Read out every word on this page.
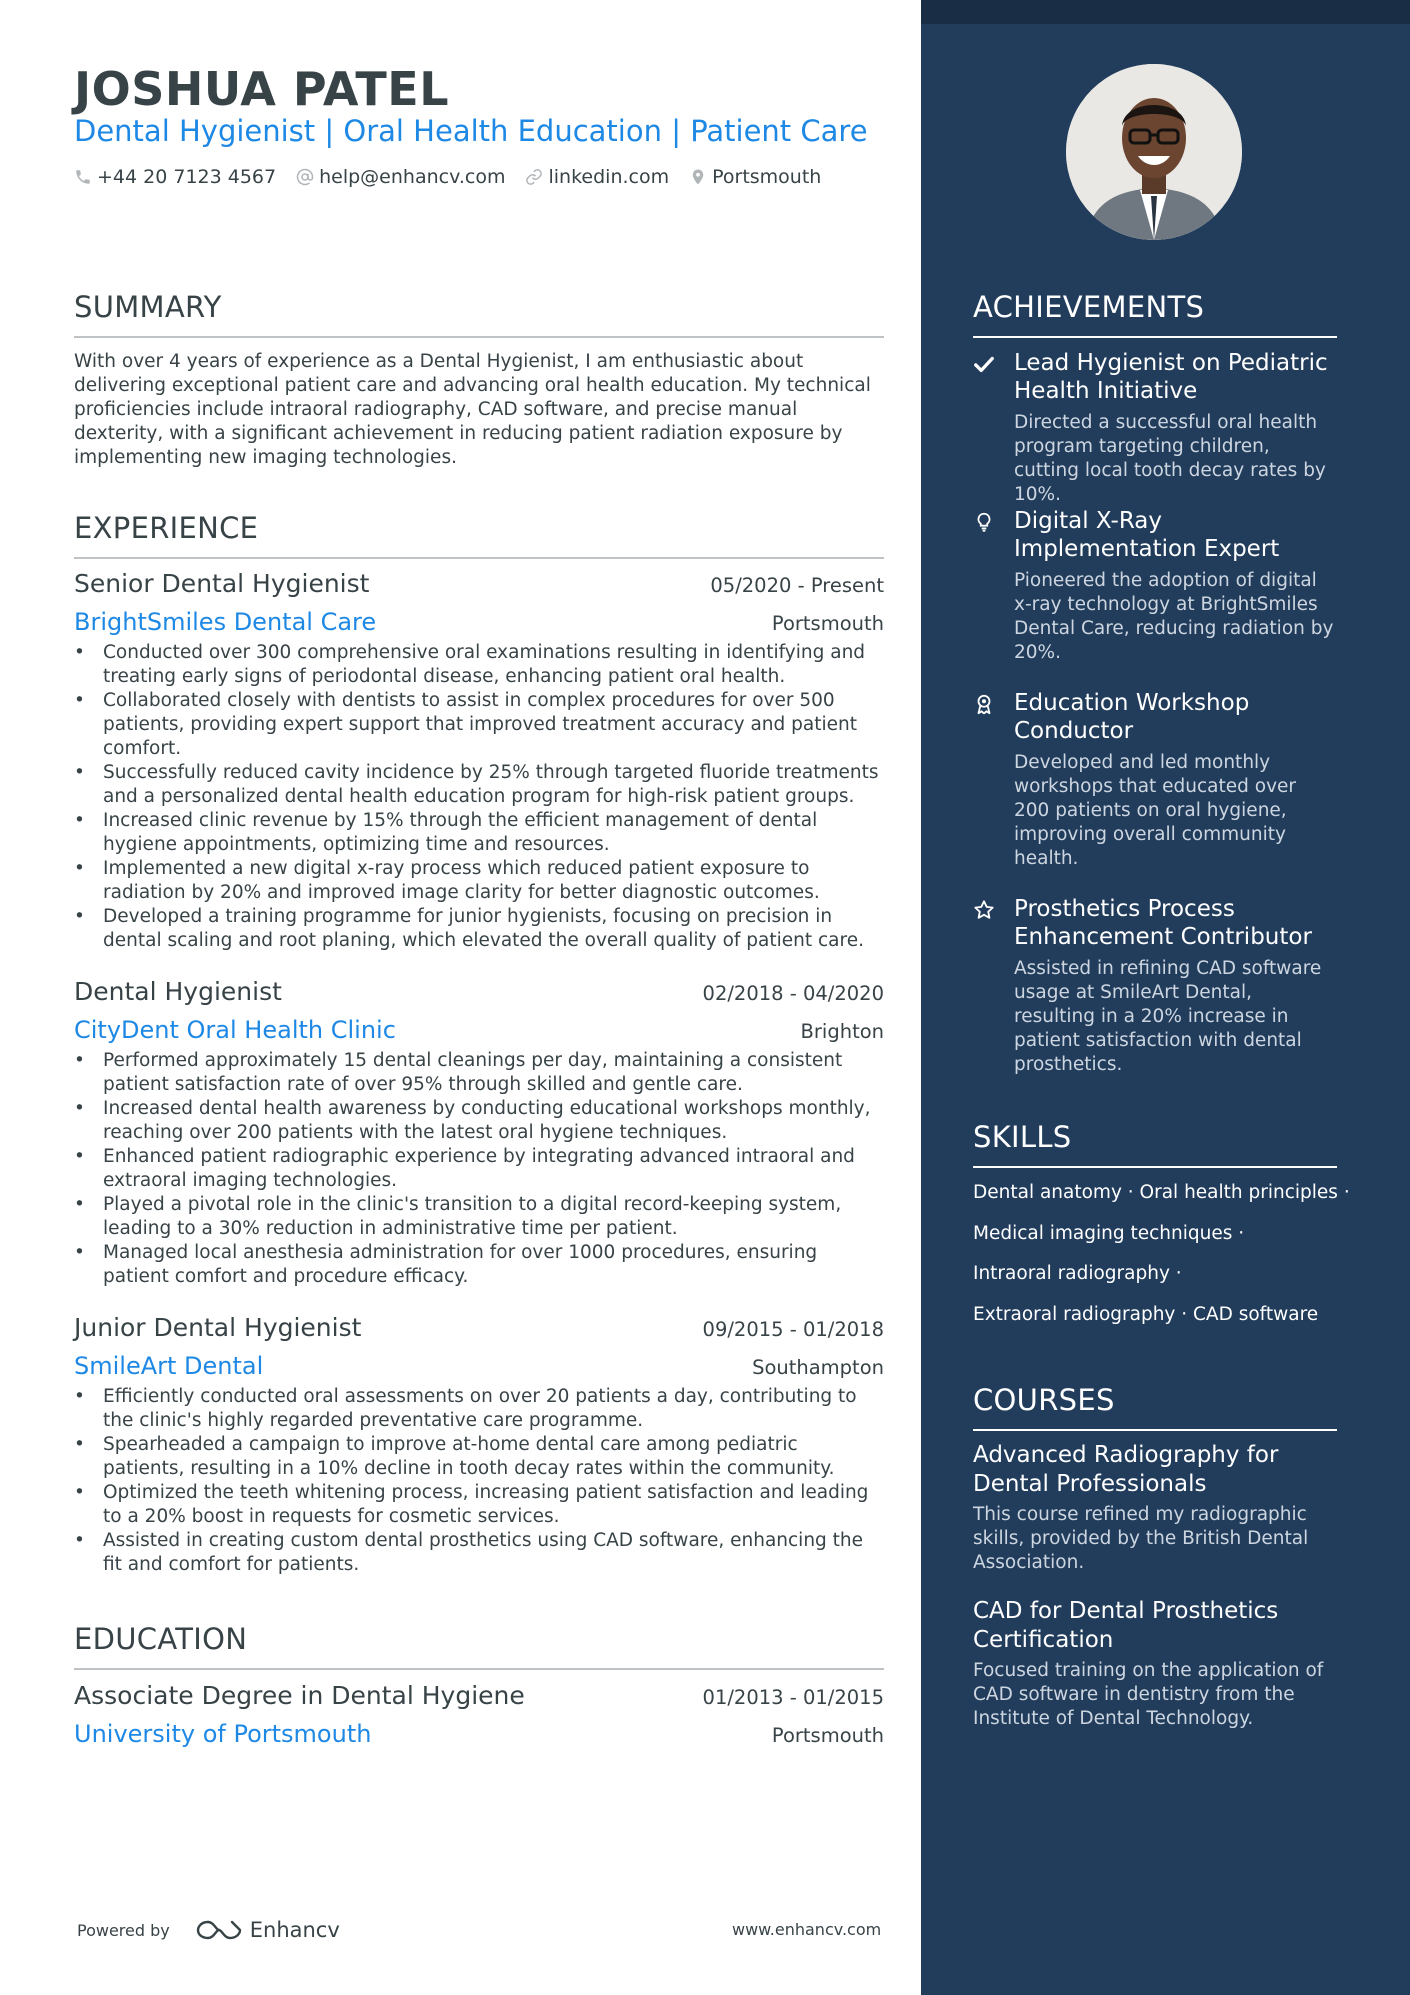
JOSHUA PATEL
Dental Hygienist | Oral Health Education | Patient Care
+44 20 7123 4567 help@enhancv.com linkedin.com Portsmouth
SUMMARY
With over 4 years of experience as a Dental Hygienist, I am enthusiastic about delivering exceptional patient care and advancing oral health education. My technical proficiencies include intraoral radiography, CAD software, and precise manual dexterity, with a significant achievement in reducing patient radiation exposure by implementing new imaging technologies.
EXPERIENCE
Senior Dental Hygienist	05/2020 - Present
BrightSmiles Dental Care	Portsmouth
• Conducted over 300 comprehensive oral examinations resulting in identifying and treating early signs of periodontal disease, enhancing patient oral health.
• Collaborated closely with dentists to assist in complex procedures for over 500 patients, providing expert support that improved treatment accuracy and patient comfort.
• Successfully reduced cavity incidence by 25% through targeted fluoride treatments and a personalized dental health education program for high-risk patient groups.
• Increased clinic revenue by 15% through the efficient management of dental hygiene appointments, optimizing time and resources.
• Implemented a new digital x-ray process which reduced patient exposure to radiation by 20% and improved image clarity for better diagnostic outcomes.
• Developed a training programme for junior hygienists, focusing on precision in dental scaling and root planing, which elevated the overall quality of patient care.
Dental Hygienist	02/2018 - 04/2020
CityDent Oral Health Clinic	Brighton
• Performed approximately 15 dental cleanings per day, maintaining a consistent patient satisfaction rate of over 95% through skilled and gentle care.
• Increased dental health awareness by conducting educational workshops monthly, reaching over 200 patients with the latest oral hygiene techniques.
• Enhanced patient radiographic experience by integrating advanced intraoral and extraoral imaging technologies.
• Played a pivotal role in the clinic's transition to a digital record-keeping system, leading to a 30% reduction in administrative time per patient.
• Managed local anesthesia administration for over 1000 procedures, ensuring patient comfort and procedure efficacy.
Junior Dental Hygienist	09/2015 - 01/2018
SmileArt Dental	Southampton
• Efficiently conducted oral assessments on over 20 patients a day, contributing to the clinic's highly regarded preventative care programme.
• Spearheaded a campaign to improve at-home dental care among pediatric patients, resulting in a 10% decline in tooth decay rates within the community.
• Optimized the teeth whitening process, increasing patient satisfaction and leading to a 20% boost in requests for cosmetic services.
• Assisted in creating custom dental prosthetics using CAD software, enhancing the fit and comfort for patients.
EDUCATION
Associate Degree in Dental Hygiene	01/2013 - 01/2015
University of Portsmouth	Portsmouth
Powered by	Enhancv	www.enhancv.com
ACHIEVEMENTS
Lead Hygienist on Pediatric Health Initiative
Directed a successful oral health program targeting children, cutting local tooth decay rates by 10%.
Digital X-Ray Implementation Expert
Pioneered the adoption of digital x-ray technology at BrightSmiles Dental Care, reducing radiation by 20%.
Education Workshop Conductor
Developed and led monthly workshops that educated over 200 patients on oral hygiene, improving overall community health.
Prosthetics Process Enhancement Contributor
Assisted in refining CAD software usage at SmileArt Dental, resulting in a 20% increase in patient satisfaction with dental prosthetics.
SKILLS
Dental anatomy · Oral health principles ·
Medical imaging techniques ·
Intraoral radiography ·
Extraoral radiography · CAD software
COURSES
Advanced Radiography for Dental Professionals
This course refined my radiographic skills, provided by the British Dental Association.
CAD for Dental Prosthetics Certification
Focused training on the application of CAD software in dentistry from the Institute of Dental Technology.
